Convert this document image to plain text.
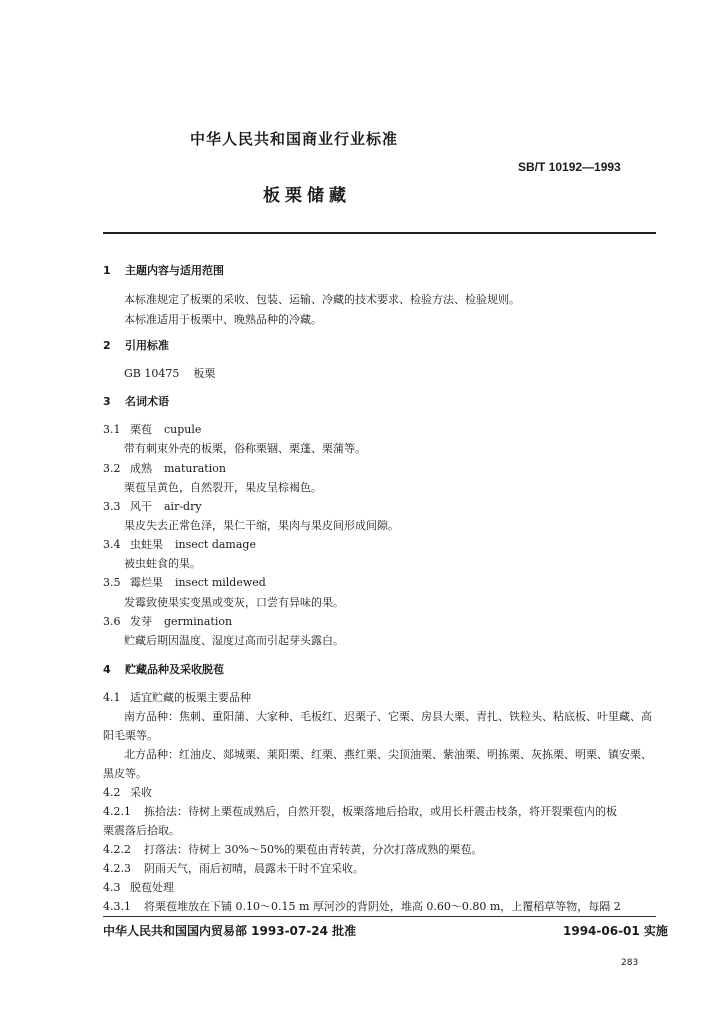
中华人民共和国商业行业标准
SB/T 10192—1993
板栗储藏
1 主题内容与适用范围
本标准规定了板栗的采收、包装、运输、冷藏的技术要求、检验方法、检验规则。
本标准适用于板栗中、晚熟品种的冷藏。
2 引用标准
GB 10475 板栗
3 名词术语
3.1 栗苞 cupule
带有刺束外壳的板栗，俗称栗锢、栗蓬、栗蒲等。
3.2 成熟 maturation
栗苞呈黄色，自然裂开，果皮呈棕褐色。
3.3 风干 air-dry
果皮失去正常色泽，果仁干缩，果肉与果皮间形成间隙。
3.4 虫蛀果 insect damage
被虫蛀食的果。
3.5 霉烂果 insect mildewed
发霉致使果实变黑或变灰，口尝有异味的果。
3.6 发芽 germination
贮藏后期因温度、湿度过高而引起芽头露白。
4 贮藏品种及采收脱苞
4.1 适宜贮藏的板栗主要品种
南方品种：焦刺、重阳蒲、大家种、毛板红、迟栗子、它栗、房县大栗、青扎、铁粒头、粘底板、叶里藏、高
阳毛栗等。
北方品种：红油皮、郯城栗、莱阳栗、红栗、燕红栗、尖顶油栗、紫油栗、明拣栗、灰拣栗、明栗、镇安栗、
黑皮等。
4.2 采收
4.2.1 拣拾法：待树上栗苞成熟后，自然开裂，板栗落地后拾取，或用长杆震击枝条，将开裂栗苞内的板
栗震落后拾取。
4.2.2 打落法：待树上 30%～50%的栗苞由青转黄，分次打落成熟的栗苞。
4.2.3 阴雨天气，雨后初晴，晨露未干时不宜采收。
4.3 脱苞处理
4.3.1 将栗苞堆放在下铺 0.10～0.15 m 厚河沙的背阴处，堆高 0.60～0.80 m，上覆稻草等物，每隔 2
中华人民共和国国内贸易部 1993-07-24 批准	1994-06-01 实施
283
